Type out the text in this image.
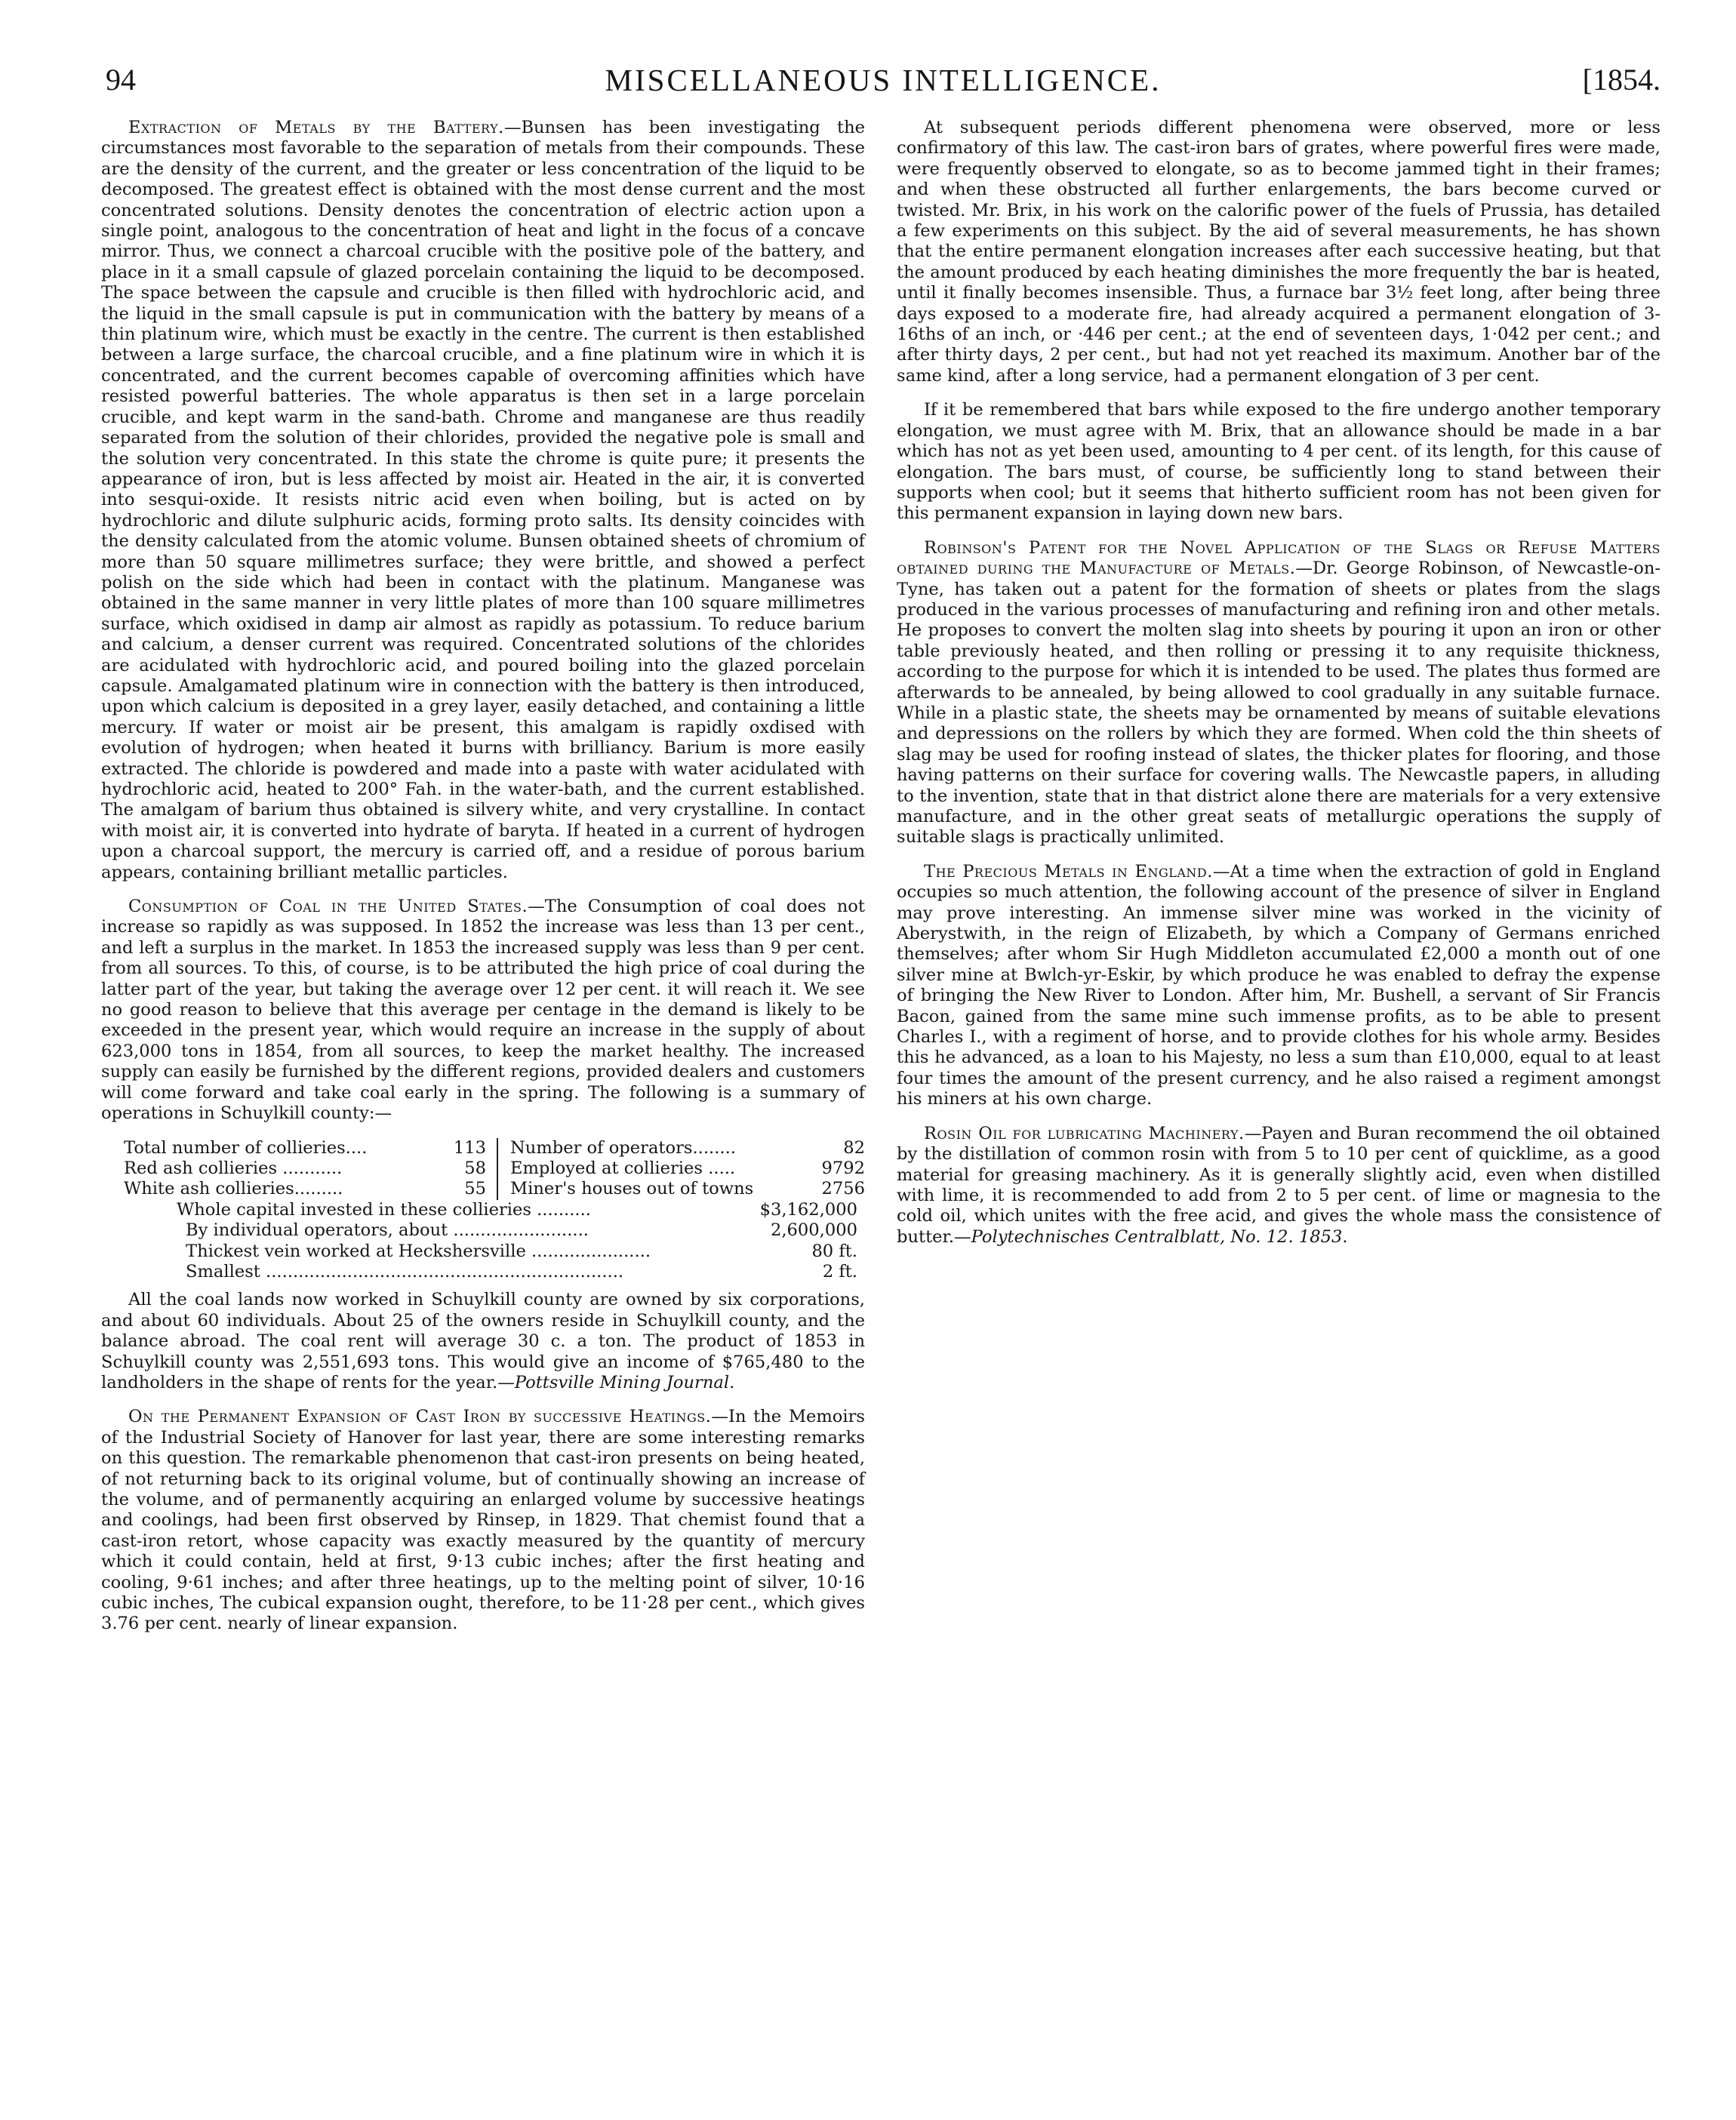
94	MISCELLANEOUS INTELLIGENCE.	[1854.

Extraction of Metals by the Battery.—Bunsen has been investigating the circumstances most favorable to the separation of metals from their compounds. These are the density of the current, and the greater or less concentration of the liquid to be decomposed. The greatest effect is obtained with the most dense current and the most concentrated solutions. Density denotes the concentration of electric action upon a single point, analogous to the concentration of heat and light in the focus of a concave mirror. Thus, we connect a charcoal crucible with the positive pole of the battery, and place in it a small capsule of glazed porcelain containing the liquid to be decomposed. The space between the capsule and crucible is then filled with hydrochloric acid, and the liquid in the small capsule is put in communication with the battery by means of a thin platinum wire, which must be exactly in the centre. The current is then established between a large surface, the charcoal crucible, and a fine platinum wire in which it is concentrated, and the current becomes capable of overcoming affinities which have resisted powerful batteries. The whole apparatus is then set in a large porcelain crucible, and kept warm in the sand-bath. Chrome and manganese are thus readily separated from the solution of their chlorides, provided the negative pole is small and the solution very concentrated. In this state the chrome is quite pure; it presents the appearance of iron, but is less affected by moist air. Heated in the air, it is converted into sesqui-oxide. It resists nitric acid even when boiling, but is acted on by hydrochloric and dilute sulphuric acids, forming proto salts. Its density coincides with the density calculated from the atomic volume. Bunsen obtained sheets of chromium of more than 50 square millimetres surface; they were brittle, and showed a perfect polish on the side which had been in contact with the platinum. Manganese was obtained in the same manner in very little plates of more than 100 square millimetres surface, which oxidised in damp air almost as rapidly as potassium. To reduce barium and calcium, a denser current was required. Concentrated solutions of the chlorides are acidulated with hydrochloric acid, and poured boiling into the glazed porcelain capsule. Amalgamated platinum wire in connection with the battery is then introduced, upon which calcium is deposited in a grey layer, easily detached, and containing a little mercury. If water or moist air be present, this amalgam is rapidly oxdised with evolution of hydrogen; when heated it burns with brilliancy. Barium is more easily extracted. The chloride is powdered and made into a paste with water acidulated with hydrochloric acid, heated to 200° Fah. in the water-bath, and the current established. The amalgam of barium thus obtained is silvery white, and very crystalline. In contact with moist air, it is converted into hydrate of baryta. If heated in a current of hydrogen upon a charcoal support, the mercury is carried off, and a residue of porous barium appears, containing brilliant metallic particles.

Consumption of Coal in the United States.—The Consumption of coal does not increase so rapidly as was supposed. In 1852 the increase was less than 13 per cent., and left a surplus in the market. In 1853 the increased supply was less than 9 per cent. from all sources. To this, of course, is to be attributed the high price of coal during the latter part of the year, but taking the average over 12 per cent. it will reach it. We see no good reason to believe that this average per centage in the demand is likely to be exceeded in the present year, which would require an increase in the supply of about 623,000 tons in 1854, from all sources, to keep the market healthy. The increased supply can easily be furnished by the different regions, provided dealers and customers will come forward and take coal early in the spring. The following is a summary of operations in Schuylkill county:—

Total number of collieries....	113 Number of operators........	82
Red ash collieries ...........	58 Employed at collieries .....	9792
White ash collieries.........	55 Miner's houses out of towns	2756
Whole capital invested in these collieries ..........	$3,162,000
By individual operators, about .........................	2,600,000
Thickest vein worked at Heckshersville ......................	80 ft.
Smallest ..................................................................	2 ft.

All the coal lands now worked in Schuylkill county are owned by six corporations, and about 60 individuals. About 25 of the owners reside in Schuylkill county, and the balance abroad. The coal rent will average 30 c. a ton. The product of 1853 in Schuylkill county was 2,551,693 tons. This would give an income of $765,480 to the landholders in the shape of rents for the year.—Pottsville Mining Journal.

On the Permanent Expansion of Cast Iron by successive Heatings.—In the Memoirs of the Industrial Society of Hanover for last year, there are some interesting remarks on this question. The remarkable phenomenon that cast-iron presents on being heated, of not returning back to its original volume, but of continually showing an increase of the volume, and of permanently acquiring an enlarged volume by successive heatings and coolings, had been first observed by Rinsep, in 1829. That chemist found that a cast-iron retort, whose capacity was exactly measured by the quantity of mercury which it could contain, held at first, 9·13 cubic inches; after the first heating and cooling, 9·61 inches; and after three heatings, up to the melting point of silver, 10·16 cubic inches, The cubical expansion ought, therefore, to be 11·28 per cent., which gives 3.76 per cent. nearly of linear expansion.

At subsequent periods different phenomena were observed, more or less confirmatory of this law. The cast-iron bars of grates, where powerful fires were made, were frequently observed to elongate, so as to become jammed tight in their frames; and when these obstructed all further enlargements, the bars become curved or twisted. Mr. Brix, in his work on the calorific power of the fuels of Prussia, has detailed a few experiments on this subject. By the aid of several measurements, he has shown that the entire permanent elongation increases after each successive heating, but that the amount produced by each heating diminishes the more frequently the bar is heated, until it finally becomes insensible. Thus, a furnace bar 3½ feet long, after being three days exposed to a moderate fire, had already acquired a permanent elongation of 3-16ths of an inch, or ·446 per cent.; at the end of seventeen days, 1·042 per cent.; and after thirty days, 2 per cent., but had not yet reached its maximum. Another bar of the same kind, after a long service, had a permanent elongation of 3 per cent.

If it be remembered that bars while exposed to the fire undergo another temporary elongation, we must agree with M. Brix, that an allowance should be made in a bar which has not as yet been used, amounting to 4 per cent. of its length, for this cause of elongation. The bars must, of course, be sufficiently long to stand between their supports when cool; but it seems that hitherto sufficient room has not been given for this permanent expansion in laying down new bars.

Robinson's Patent for the Novel Application of the Slags or Refuse Matters obtained during the Manufacture of Metals.—Dr. George Robinson, of Newcastle-on-Tyne, has taken out a patent for the formation of sheets or plates from the slags produced in the various processes of manufacturing and refining iron and other metals. He proposes to convert the molten slag into sheets by pouring it upon an iron or other table previously heated, and then rolling or pressing it to any requisite thickness, according to the purpose for which it is intended to be used. The plates thus formed are afterwards to be annealed, by being allowed to cool gradually in any suitable furnace. While in a plastic state, the sheets may be ornamented by means of suitable elevations and depressions on the rollers by which they are formed. When cold the thin sheets of slag may be used for roofing instead of slates, the thicker plates for flooring, and those having patterns on their surface for covering walls. The Newcastle papers, in alluding to the invention, state that in that district alone there are materials for a very extensive manufacture, and in the other great seats of metallurgic operations the supply of suitable slags is practically unlimited.

The Precious Metals in England.—At a time when the extraction of gold in England occupies so much attention, the following account of the presence of silver in England may prove interesting. An immense silver mine was worked in the vicinity of Aberystwith, in the reign of Elizabeth, by which a Company of Germans enriched themselves; after whom Sir Hugh Middleton accumulated £2,000 a month out of one silver mine at Bwlch-yr-Eskir, by which produce he was enabled to defray the expense of bringing the New River to London. After him, Mr. Bushell, a servant of Sir Francis Bacon, gained from the same mine such immense profits, as to be able to present Charles I., with a regiment of horse, and to provide clothes for his whole army. Besides this he advanced, as a loan to his Majesty, no less a sum than £10,000, equal to at least four times the amount of the present currency, and he also raised a regiment amongst his miners at his own charge.

Rosin Oil for lubricating Machinery.—Payen and Buran recommend the oil obtained by the distillation of common rosin with from 5 to 10 per cent of quicklime, as a good material for greasing machinery. As it is generally slightly acid, even when distilled with lime, it is recommended to add from 2 to 5 per cent. of lime or magnesia to the cold oil, which unites with the free acid, and gives the whole mass the consistence of butter.—Polytechnisches Centralblatt, No. 12. 1853.
